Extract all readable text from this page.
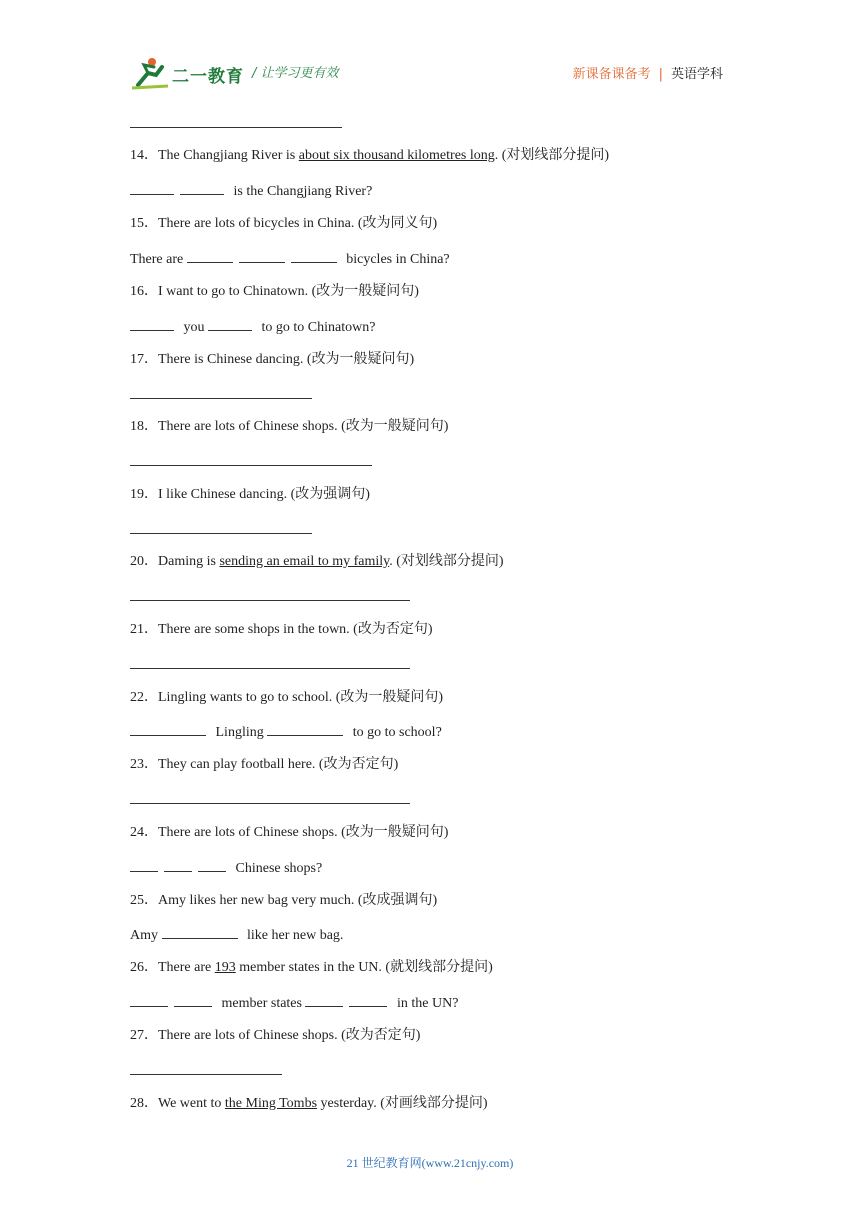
二一教育 / 让学习更有效	新课备课备考 | 英语学科
14．The Changjiang River is about six thousand kilometres long. (对划线部分提问)
is the Changjiang River?
15．There are lots of bicycles in China. (改为同义句)
There are	bicycles in China?
16．I want to go to Chinatown. (改为一般疑问句)
you	to go to Chinatown?
17．There is Chinese dancing. (改为一般疑问句)
18．There are lots of Chinese shops. (改为一般疑问句)
19．I like Chinese dancing. (改为强调句)
20．Daming is sending an email to my family. (对划线部分提问)
21．There are some shops in the town. (改为否定句)
22．Lingling wants to go to school. (改为一般疑问句)
Lingling	to go to school?
23．They can play football here. (改为否定句)
24．There are lots of Chinese shops. (改为一般疑问句)
Chinese shops?
25．Amy likes her new bag very much. (改成强调句)
Amy	like her new bag.
26．There are 193 member states in the UN. (就划线部分提问)
member states	in the UN?
27．There are lots of Chinese shops. (改为否定句)
28．We went to the Ming Tombs yesterday. (对画线部分提问)
21 世纪教育网(www.21cnjy.com)
